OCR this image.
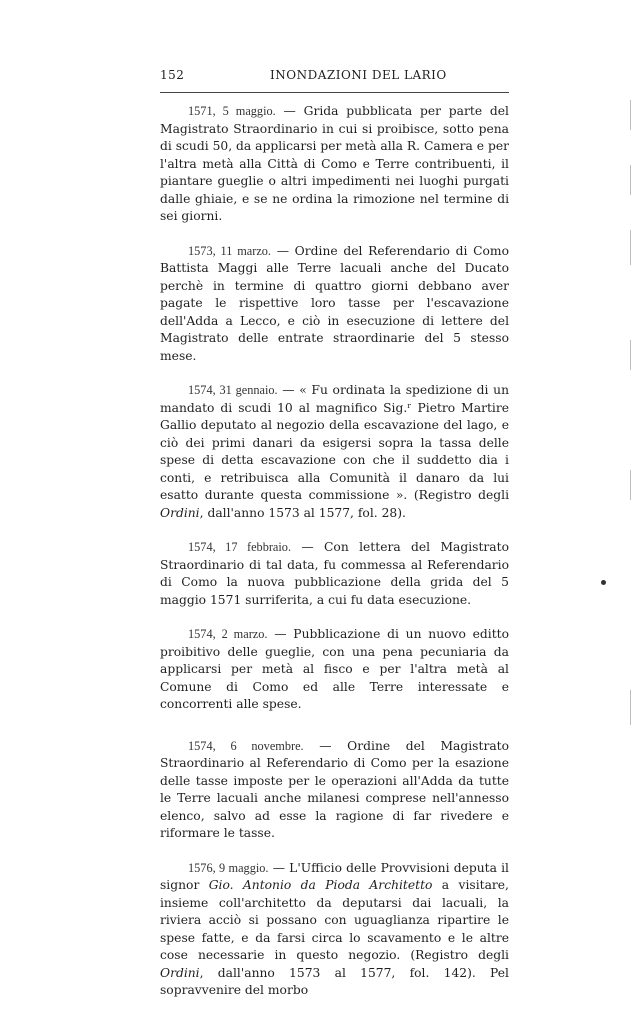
152	INONDAZIONI DEL LARIO

1571, 5 maggio. — Grida pubblicata per parte del Magistrato Straordinario in cui si proibisce, sotto pena di scudi 50, da applicarsi per metà alla R. Camera e per l'altra metà alla Città di Como e Terre contribuenti, il piantare gueglie o altri impedimenti nei luoghi purgati dalle ghiaie, e se ne ordina la rimozione nel termine di sei giorni.

1573, 11 marzo. — Ordine del Referendario di Como Battista Maggi alle Terre lacuali anche del Ducato perchè in termine di quattro giorni debbano aver pagate le rispettive loro tasse per l'escavazione dell'Adda a Lecco, e ciò in esecuzione di lettere del Magistrato delle entrate straordinarie del 5 stesso mese.

1574, 31 gennaio. — « Fu ordinata la spedizione di un mandato di scudi 10 al magnifico Sig.ʳ Pietro Martire Gallio deputato al negozio della escavazione del lago, e ciò dei primi danari da esigersi sopra la tassa delle spese di detta escavazione con che il suddetto dia i conti, e retribuisca alla Comunità il danaro da lui esatto durante questa commissione ». (Registro degli Ordini, dall'anno 1573 al 1577, fol. 28).

1574, 17 febbraio. — Con lettera del Magistrato Straordinario di tal data, fu commessa al Referendario di Como la nuova pubblicazione della grida del 5 maggio 1571 surriferita, a cui fu data esecuzione.

1574, 2 marzo. — Pubblicazione di un nuovo editto proibitivo delle gueglie, con una pena pecuniaria da applicarsi per metà al fisco e per l'altra metà al Comune di Como ed alle Terre interessate e concorrenti alle spese.

1574, 6 novembre. — Ordine del Magistrato Straordinario al Referendario di Como per la esazione delle tasse imposte per le operazioni all'Adda da tutte le Terre lacuali anche milanesi comprese nell'annesso elenco, salvo ad esse la ragione di far rivedere e riformare le tasse.

1576, 9 maggio. — L'Ufficio delle Provvisioni deputa il signor Gio. Antonio da Pioda Architetto a visitare, insieme coll'architetto da deputarsi dai lacuali, la riviera acciò si possano con uguaglianza ripartire le spese fatte, e da farsi circa lo scavamento e le altre cose necessarie in questo negozio. (Registro degli Ordini, dall'anno 1573 al 1577, fol. 142). Pel sopravvenire del morbo
